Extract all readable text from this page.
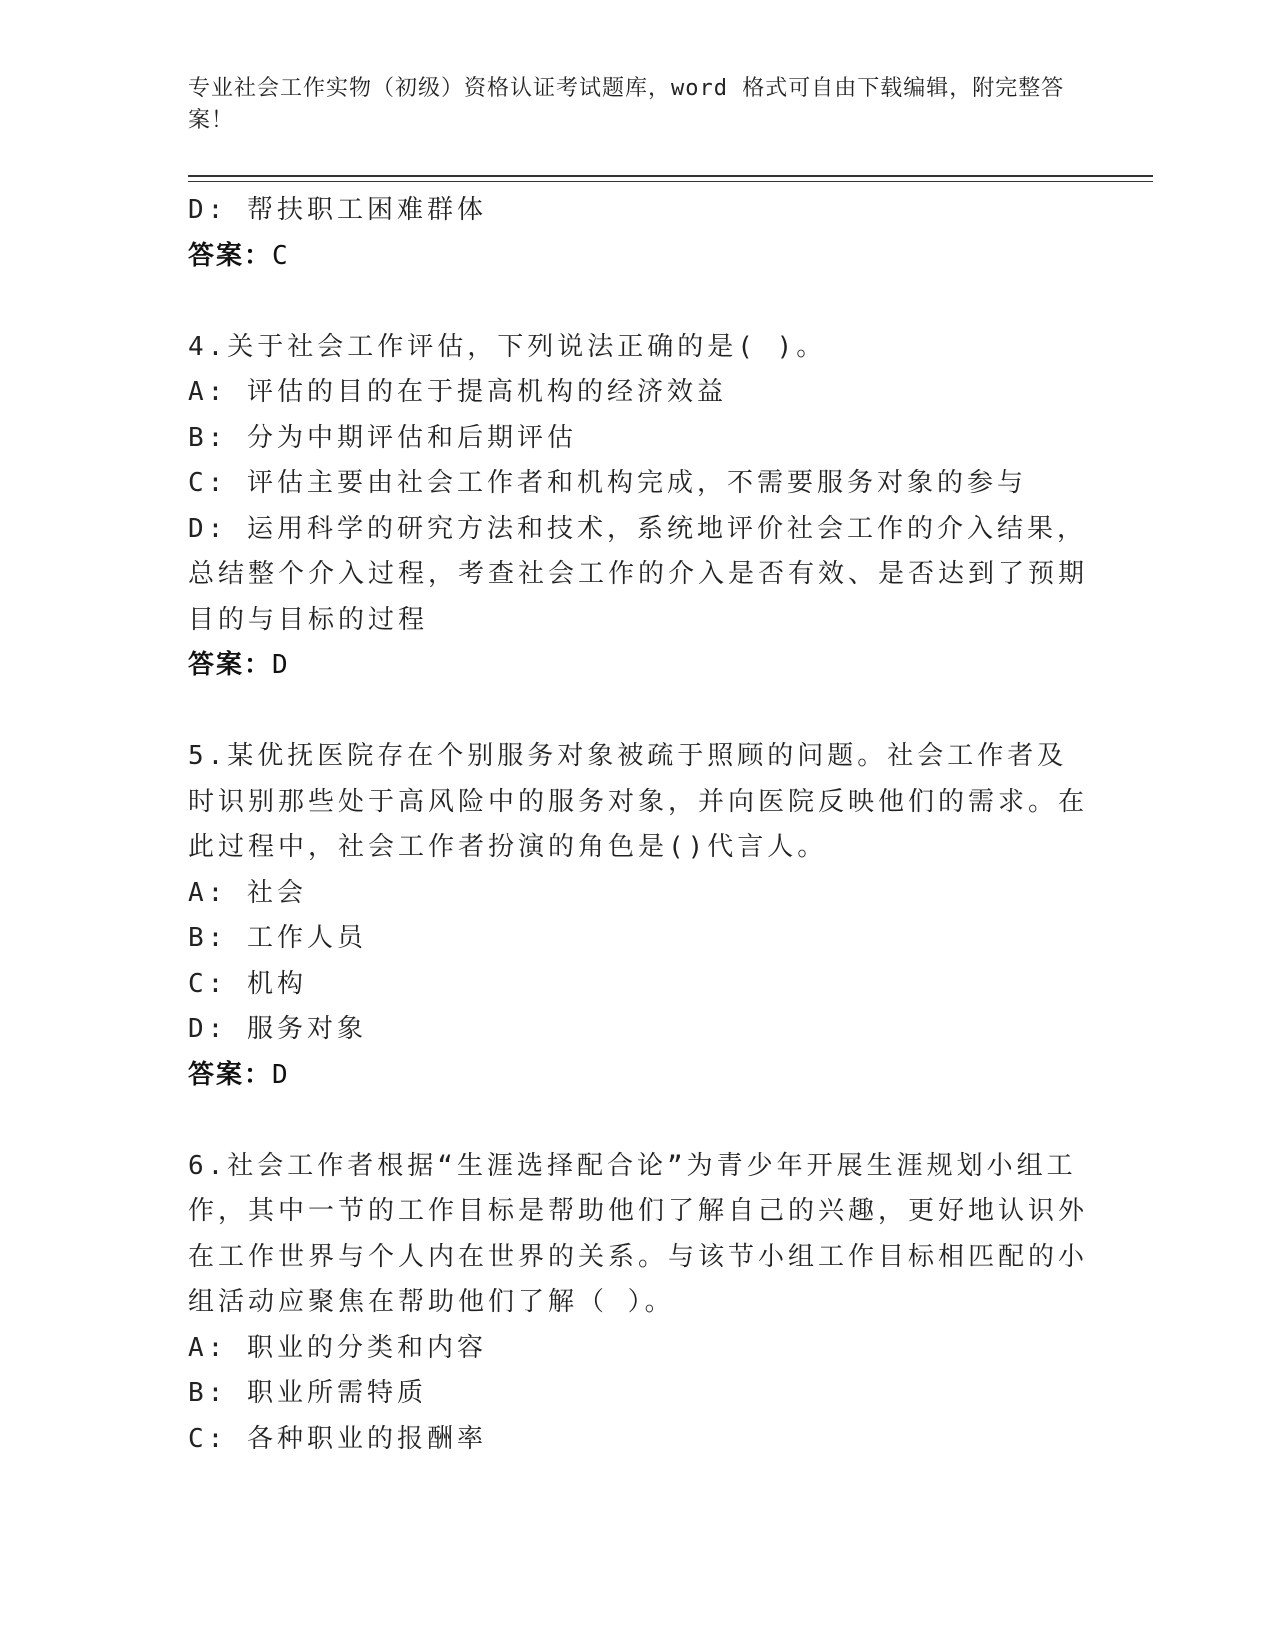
专业社会工作实物（初级）资格认证考试题库，word 格式可自由下载编辑，附完整答案！
D: 帮扶职工困难群体
答案：C
4.关于社会工作评估，下列说法正确的是( )。
A: 评估的目的在于提高机构的经济效益
B: 分为中期评估和后期评估
C: 评估主要由社会工作者和机构完成，不需要服务对象的参与
D: 运用科学的研究方法和技术，系统地评价社会工作的介入结果，总结整个介入过程，考查社会工作的介入是否有效、是否达到了预期目的与目标的过程
答案：D
5.某优抚医院存在个别服务对象被疏于照顾的问题。社会工作者及时识别那些处于高风险中的服务对象，并向医院反映他们的需求。在此过程中，社会工作者扮演的角色是()代言人。
A: 社会
B: 工作人员
C: 机构
D: 服务对象
答案：D
6.社会工作者根据“生涯选择配合论”为青少年开展生涯规划小组工作，其中一节的工作目标是帮助他们了解自己的兴趣，更好地认识外在工作世界与个人内在世界的关系。与该节小组工作目标相匹配的小组活动应聚焦在帮助他们了解（ ）。
A: 职业的分类和内容
B: 职业所需特质
C: 各种职业的报酬率
